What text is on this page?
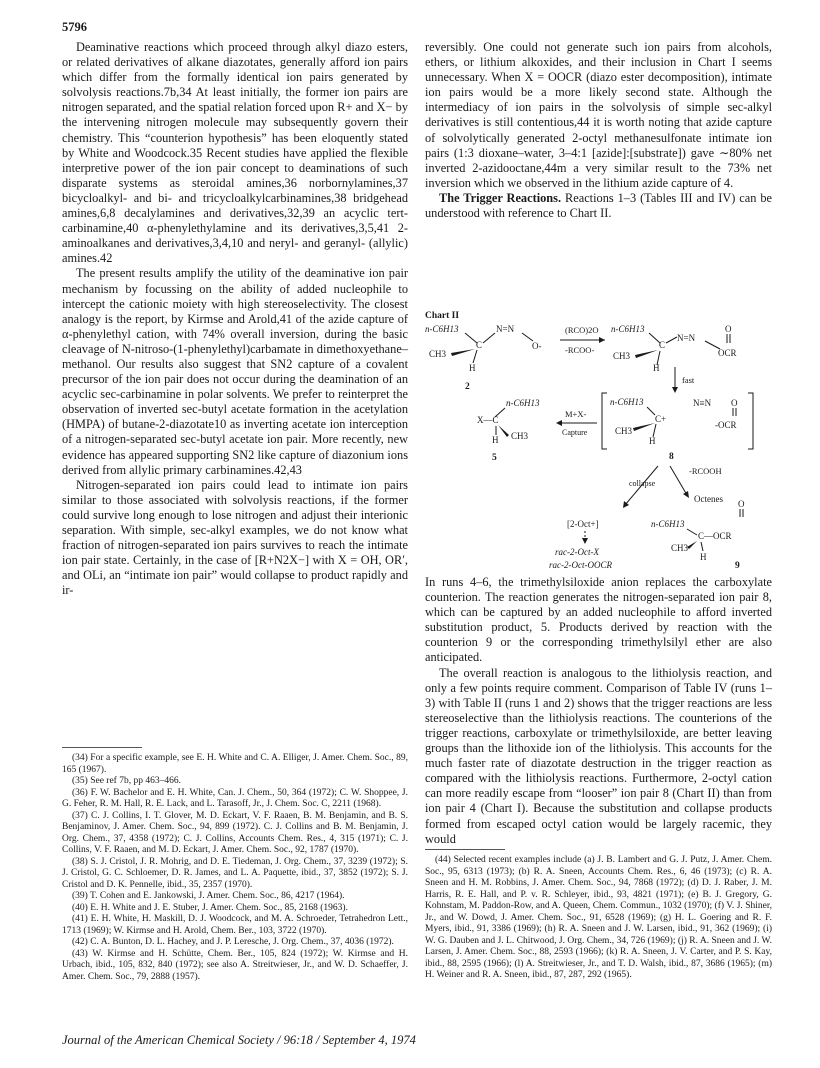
5796

Deaminative reactions which proceed through alkyl diazo esters, or related derivatives of alkane diazotates, generally afford ion pairs which differ from the formally identical ion pairs generated by solvolysis reactions.7b,34 At least initially, the former ion pairs are nitrogen separated, and the spatial relation forced upon R+ and X− by the intervening nitrogen molecule may subsequently govern their chemistry. This “counterion hypothesis” has been eloquently stated by White and Woodcock.35 Recent studies have applied the flexible interpretive power of the ion pair concept to deaminations of such disparate systems as steroidal amines,36 norbornylamines,37 bicycloalkyl- and bi- and tricycloalkylcarbinamines,38 bridgehead amines,6,8 decalylamines and derivatives,32,39 an acyclic tert-carbinamine,40 α-phenylethylamine and its derivatives,3,5,41 2-aminoalkanes and derivatives,3,4,10 and neryl- and geranyl- (allylic) amines.42

The present results amplify the utility of the deaminative ion pair mechanism by focussing on the ability of added nucleophile to intercept the cationic moiety with high stereoselectivity. The closest analogy is the report, by Kirmse and Arold,41 of the azide capture of α-phenylethyl cation, with 74% overall inversion, during the basic cleavage of N-nitroso-(1-phenylethyl)carbamate in dimethoxyethane–methanol. Our results also suggest that SN2 capture of a covalent precursor of the ion pair does not occur during the deamination of an acyclic sec-carbinamine in polar solvents. We prefer to reinterpret the observation of inverted sec-butyl acetate formation in the acetylation (HMPA) of butane-2-diazotate10 as inverting acetate ion interception of a nitrogen-separated sec-butyl acetate ion pair. More recently, new evidence has appeared supporting SN2 like capture of diazonium ions derived from allylic primary carbinamines.42,43

Nitrogen-separated ion pairs could lead to intimate ion pairs similar to those associated with solvolysis reactions, if the former could survive long enough to lose nitrogen and adjust their interionic separation. With simple, sec-alkyl examples, we do not know what fraction of nitrogen-separated ion pairs survives to reach the intimate ion pair state. Certainly, in the case of [R+N2X−] with X = OH, OR′, and OLi, an “intimate ion pair” would collapse to product rapidly and ir-

(34) For a specific example, see E. H. White and C. A. Elliger, J. Amer. Chem. Soc., 89, 165 (1967).

(35) See ref 7b, pp 463–466.

(36) F. W. Bachelor and E. H. White, Can. J. Chem., 50, 364 (1972); C. W. Shoppee, J. G. Feher, R. M. Hall, R. E. Lack, and L. Tarasoff, Jr., J. Chem. Soc. C, 2211 (1968).

(37) C. J. Collins, I. T. Glover, M. D. Eckart, V. F. Raaen, B. M. Benjamin, and B. S. Benjaminov, J. Amer. Chem. Soc., 94, 899 (1972). C. J. Collins and B. M. Benjamin, J. Org. Chem., 37, 4358 (1972); C. J. Collins, Accounts Chem. Res., 4, 315 (1971); C. J. Collins, V. F. Raaen, and M. D. Eckart, J. Amer. Chem. Soc., 92, 1787 (1970).

(38) S. J. Cristol, J. R. Mohrig, and D. E. Tiedeman, J. Org. Chem., 37, 3239 (1972); S. J. Cristol, G. C. Schloemer, D. R. James, and L. A. Paquette, ibid., 37, 3852 (1972); S. J. Cristol and D. K. Pennelle, ibid., 35, 2357 (1970).

(39) T. Cohen and E. Jankowski, J. Amer. Chem. Soc., 86, 4217 (1964).

(40) E. H. White and J. E. Stuber, J. Amer. Chem. Soc., 85, 2168 (1963).

(41) E. H. White, H. Maskill, D. J. Woodcock, and M. A. Schroeder, Tetrahedron Lett., 1713 (1969); W. Kirmse and H. Arold, Chem. Ber., 103, 3722 (1970).

(42) C. A. Bunton, D. L. Hachey, and J. P. Leresche, J. Org. Chem., 37, 4036 (1972).

(43) W. Kirmse and H. Schütte, Chem. Ber., 105, 824 (1972); W. Kirmse and H. Urbach, ibid., 105, 832, 840 (1972); see also A. Streitwieser, Jr., and W. D. Schaeffer, J. Amer. Chem. Soc., 79, 2888 (1957).

reversibly. One could not generate such ion pairs from alcohols, ethers, or lithium alkoxides, and their inclusion in Chart I seems unnecessary. When X = OOCR (diazo ester decomposition), intimate ion pairs would be a more likely second state. Although the intermediacy of ion pairs in the solvolysis of simple sec-alkyl derivatives is still contentious,44 it is worth noting that azide capture of solvolytically generated 2-octyl methanesulfonate intimate ion pairs (1:3 dioxane–water, 3–4:1 [azide]:[substrate]) gave ∼80% net inverted 2-azidooctane,44m a very similar result to the 73% net inversion which we observed in the lithium azide capture of 4.

The Trigger Reactions. Reactions 1–3 (Tables III and IV) can be understood with reference to Chart II.

Chart II
n-C6H13
C
N=N
O-
CH3
H
2
(RCO)2O
-RCOO-
n-C6H13
C
N=N
O
OCR
CH3
H
fast
n-C6H13
X—C
CH3
H
5
M+X-
Capture
n-C6H13
C+
CH3
H
N≡N O
-OCR
8
collapse
-RCOOH
Octenes
[2-Oct+]
rac-2-Oct-X
rac-2-Oct-OOCR
O
n-C6H13
C—OCR
CH3
H
9

In runs 4–6, the trimethylsiloxide anion replaces the carboxylate counterion. The reaction generates the nitrogen-separated ion pair 8, which can be captured by an added nucleophile to afford inverted substitution product, 5. Products derived by reaction with the counterion 9 or the corresponding trimethylsilyl ether are also anticipated.

The overall reaction is analogous to the lithiolysis reaction, and only a few points require comment. Comparison of Table IV (runs 1–3) with Table II (runs 1 and 2) shows that the trigger reactions are less stereoselective than the lithiolysis reactions. The counterions of the trigger reactions, carboxylate or trimethylsiloxide, are better leaving groups than the lithoxide ion of the lithiolysis. This accounts for the much faster rate of diazotate destruction in the trigger reaction as compared with the lithiolysis reactions. Furthermore, 2-octyl cation can more readily escape from “looser” ion pair 8 (Chart II) than from ion pair 4 (Chart I). Because the substitution and collapse products formed from escaped octyl cation would be largely racemic, they would

(44) Selected recent examples include (a) J. B. Lambert and G. J. Putz, J. Amer. Chem. Soc., 95, 6313 (1973); (b) R. A. Sneen, Accounts Chem. Res., 6, 46 (1973); (c) R. A. Sneen and H. M. Robbins, J. Amer. Chem. Soc., 94, 7868 (1972); (d) D. J. Raber, J. M. Harris, R. E. Hall, and P. v. R. Schleyer, ibid., 93, 4821 (1971); (e) B. J. Gregory, G. Kohnstam, M. Paddon-Row, and A. Queen, Chem. Commun., 1032 (1970); (f) V. J. Shiner, Jr., and W. Dowd, J. Amer. Chem. Soc., 91, 6528 (1969); (g) H. L. Goering and R. F. Myers, ibid., 91, 3386 (1969); (h) R. A. Sneen and J. W. Larsen, ibid., 91, 362 (1969); (i) W. G. Dauben and J. L. Chitwood, J. Org. Chem., 34, 726 (1969); (j) R. A. Sneen and J. W. Larsen, J. Amer. Chem. Soc., 88, 2593 (1966); (k) R. A. Sneen, J. V. Carter, and P. S. Kay, ibid., 88, 2595 (1966); (l) A. Streitwieser, Jr., and T. D. Walsh, ibid., 87, 3686 (1965); (m) H. Weiner and R. A. Sneen, ibid., 87, 287, 292 (1965).

Journal of the American Chemical Society / 96:18 / September 4, 1974
